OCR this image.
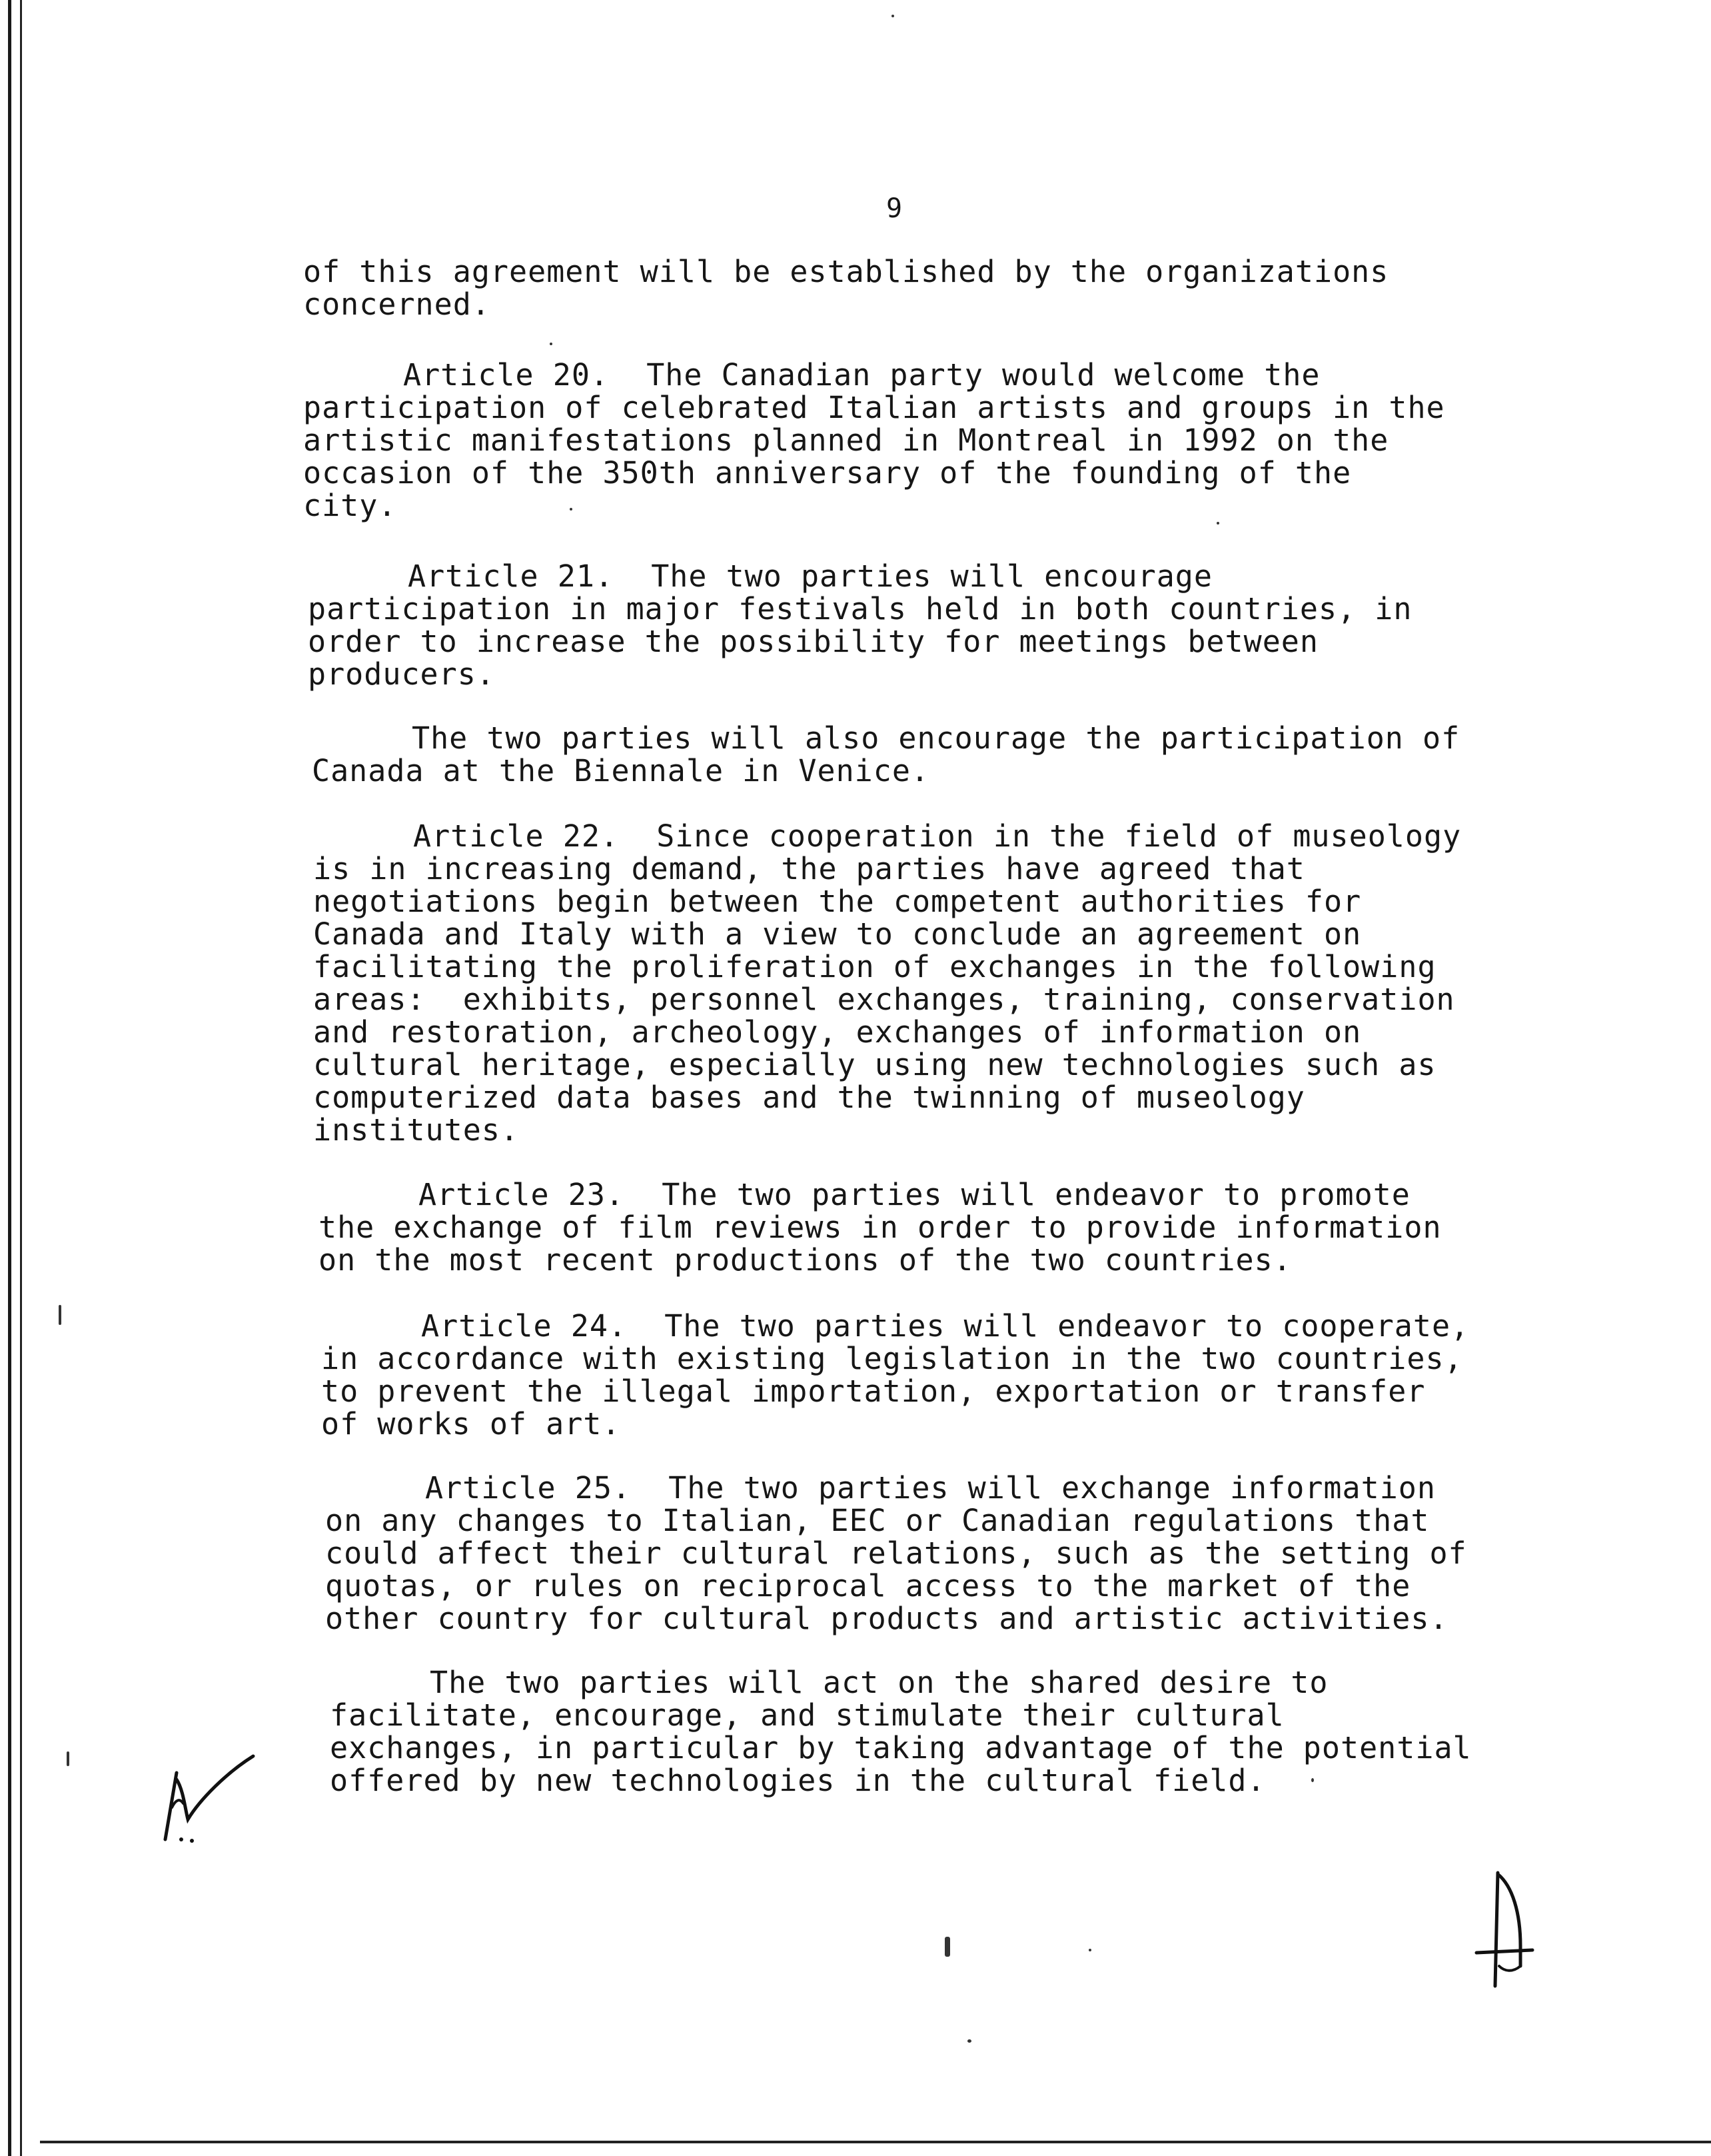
9
of this agreement will be established by the organizations
concerned.
Article 20.  The Canadian party would welcome the
participation of celebrated Italian artists and groups in the
artistic manifestations planned in Montreal in 1992 on the
occasion of the 350th anniversary of the founding of the
city.
Article 21.  The two parties will encourage
participation in major festivals held in both countries, in
order to increase the possibility for meetings between
producers.
The two parties will also encourage the participation of
Canada at the Biennale in Venice.
Article 22.  Since cooperation in the field of museology
is in increasing demand, the parties have agreed that
negotiations begin between the competent authorities for
Canada and Italy with a view to conclude an agreement on
facilitating the proliferation of exchanges in the following
areas:  exhibits, personnel exchanges, training, conservation
and restoration, archeology, exchanges of information on
cultural heritage, especially using new technologies such as
computerized data bases and the twinning of museology
institutes.
Article 23.  The two parties will endeavor to promote
the exchange of film reviews in order to provide information
on the most recent productions of the two countries.
Article 24.  The two parties will endeavor to cooperate,
in accordance with existing legislation in the two countries,
to prevent the illegal importation, exportation or transfer
of works of art.
Article 25.  The two parties will exchange information
on any changes to Italian, EEC or Canadian regulations that
could affect their cultural relations, such as the setting of
quotas, or rules on reciprocal access to the market of the
other country for cultural products and artistic activities.
The two parties will act on the shared desire to
facilitate, encourage, and stimulate their cultural
exchanges, in particular by taking advantage of the potential
offered by new technologies in the cultural field.
